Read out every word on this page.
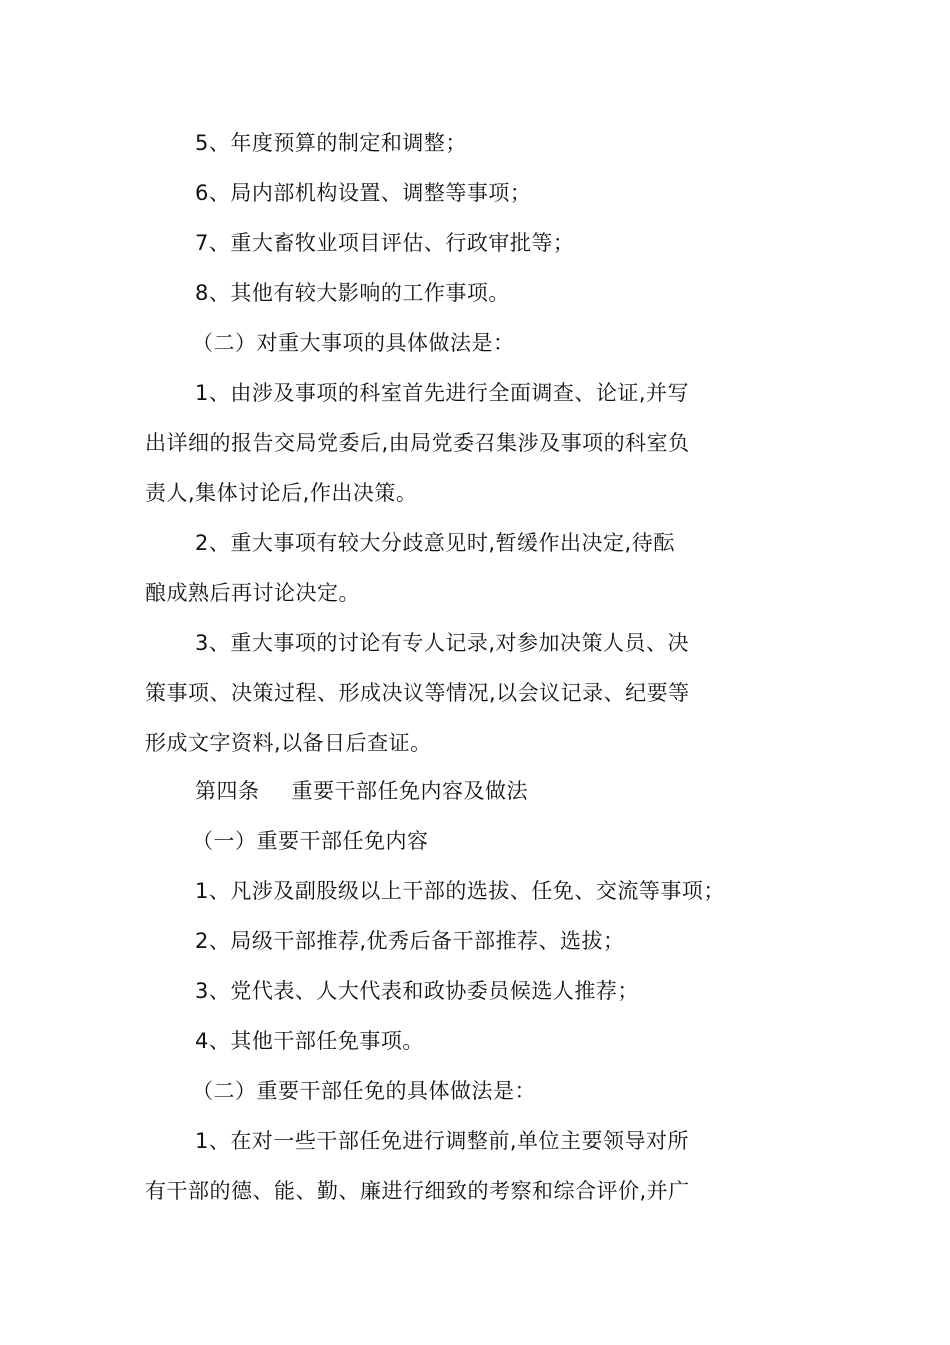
5、年度预算的制定和调整；
6、局内部机构设置、调整等事项；
7、重大畜牧业项目评估、行政审批等；
8、其他有较大影响的工作事项。
（二）对重大事项的具体做法是：
1、由涉及事项的科室首先进行全面调查、论证,并写
出详细的报告交局党委后,由局党委召集涉及事项的科室负
责人,集体讨论后,作出决策。
2、重大事项有较大分歧意见时,暂缓作出决定,待酝
酿成熟后再讨论决定。
3、重大事项的讨论有专人记录,对参加决策人员、决
策事项、决策过程、形成决议等情况,以会议记录、纪要等
形成文字资料,以备日后查证。
第四条 重要干部任免内容及做法
（一）重要干部任免内容
1、凡涉及副股级以上干部的选拔、任免、交流等事项；
2、局级干部推荐,优秀后备干部推荐、选拔；
3、党代表、人大代表和政协委员候选人推荐；
4、其他干部任免事项。
（二）重要干部任免的具体做法是：
1、在对一些干部任免进行调整前,单位主要领导对所
有干部的德、能、勤、廉进行细致的考察和综合评价,并广
